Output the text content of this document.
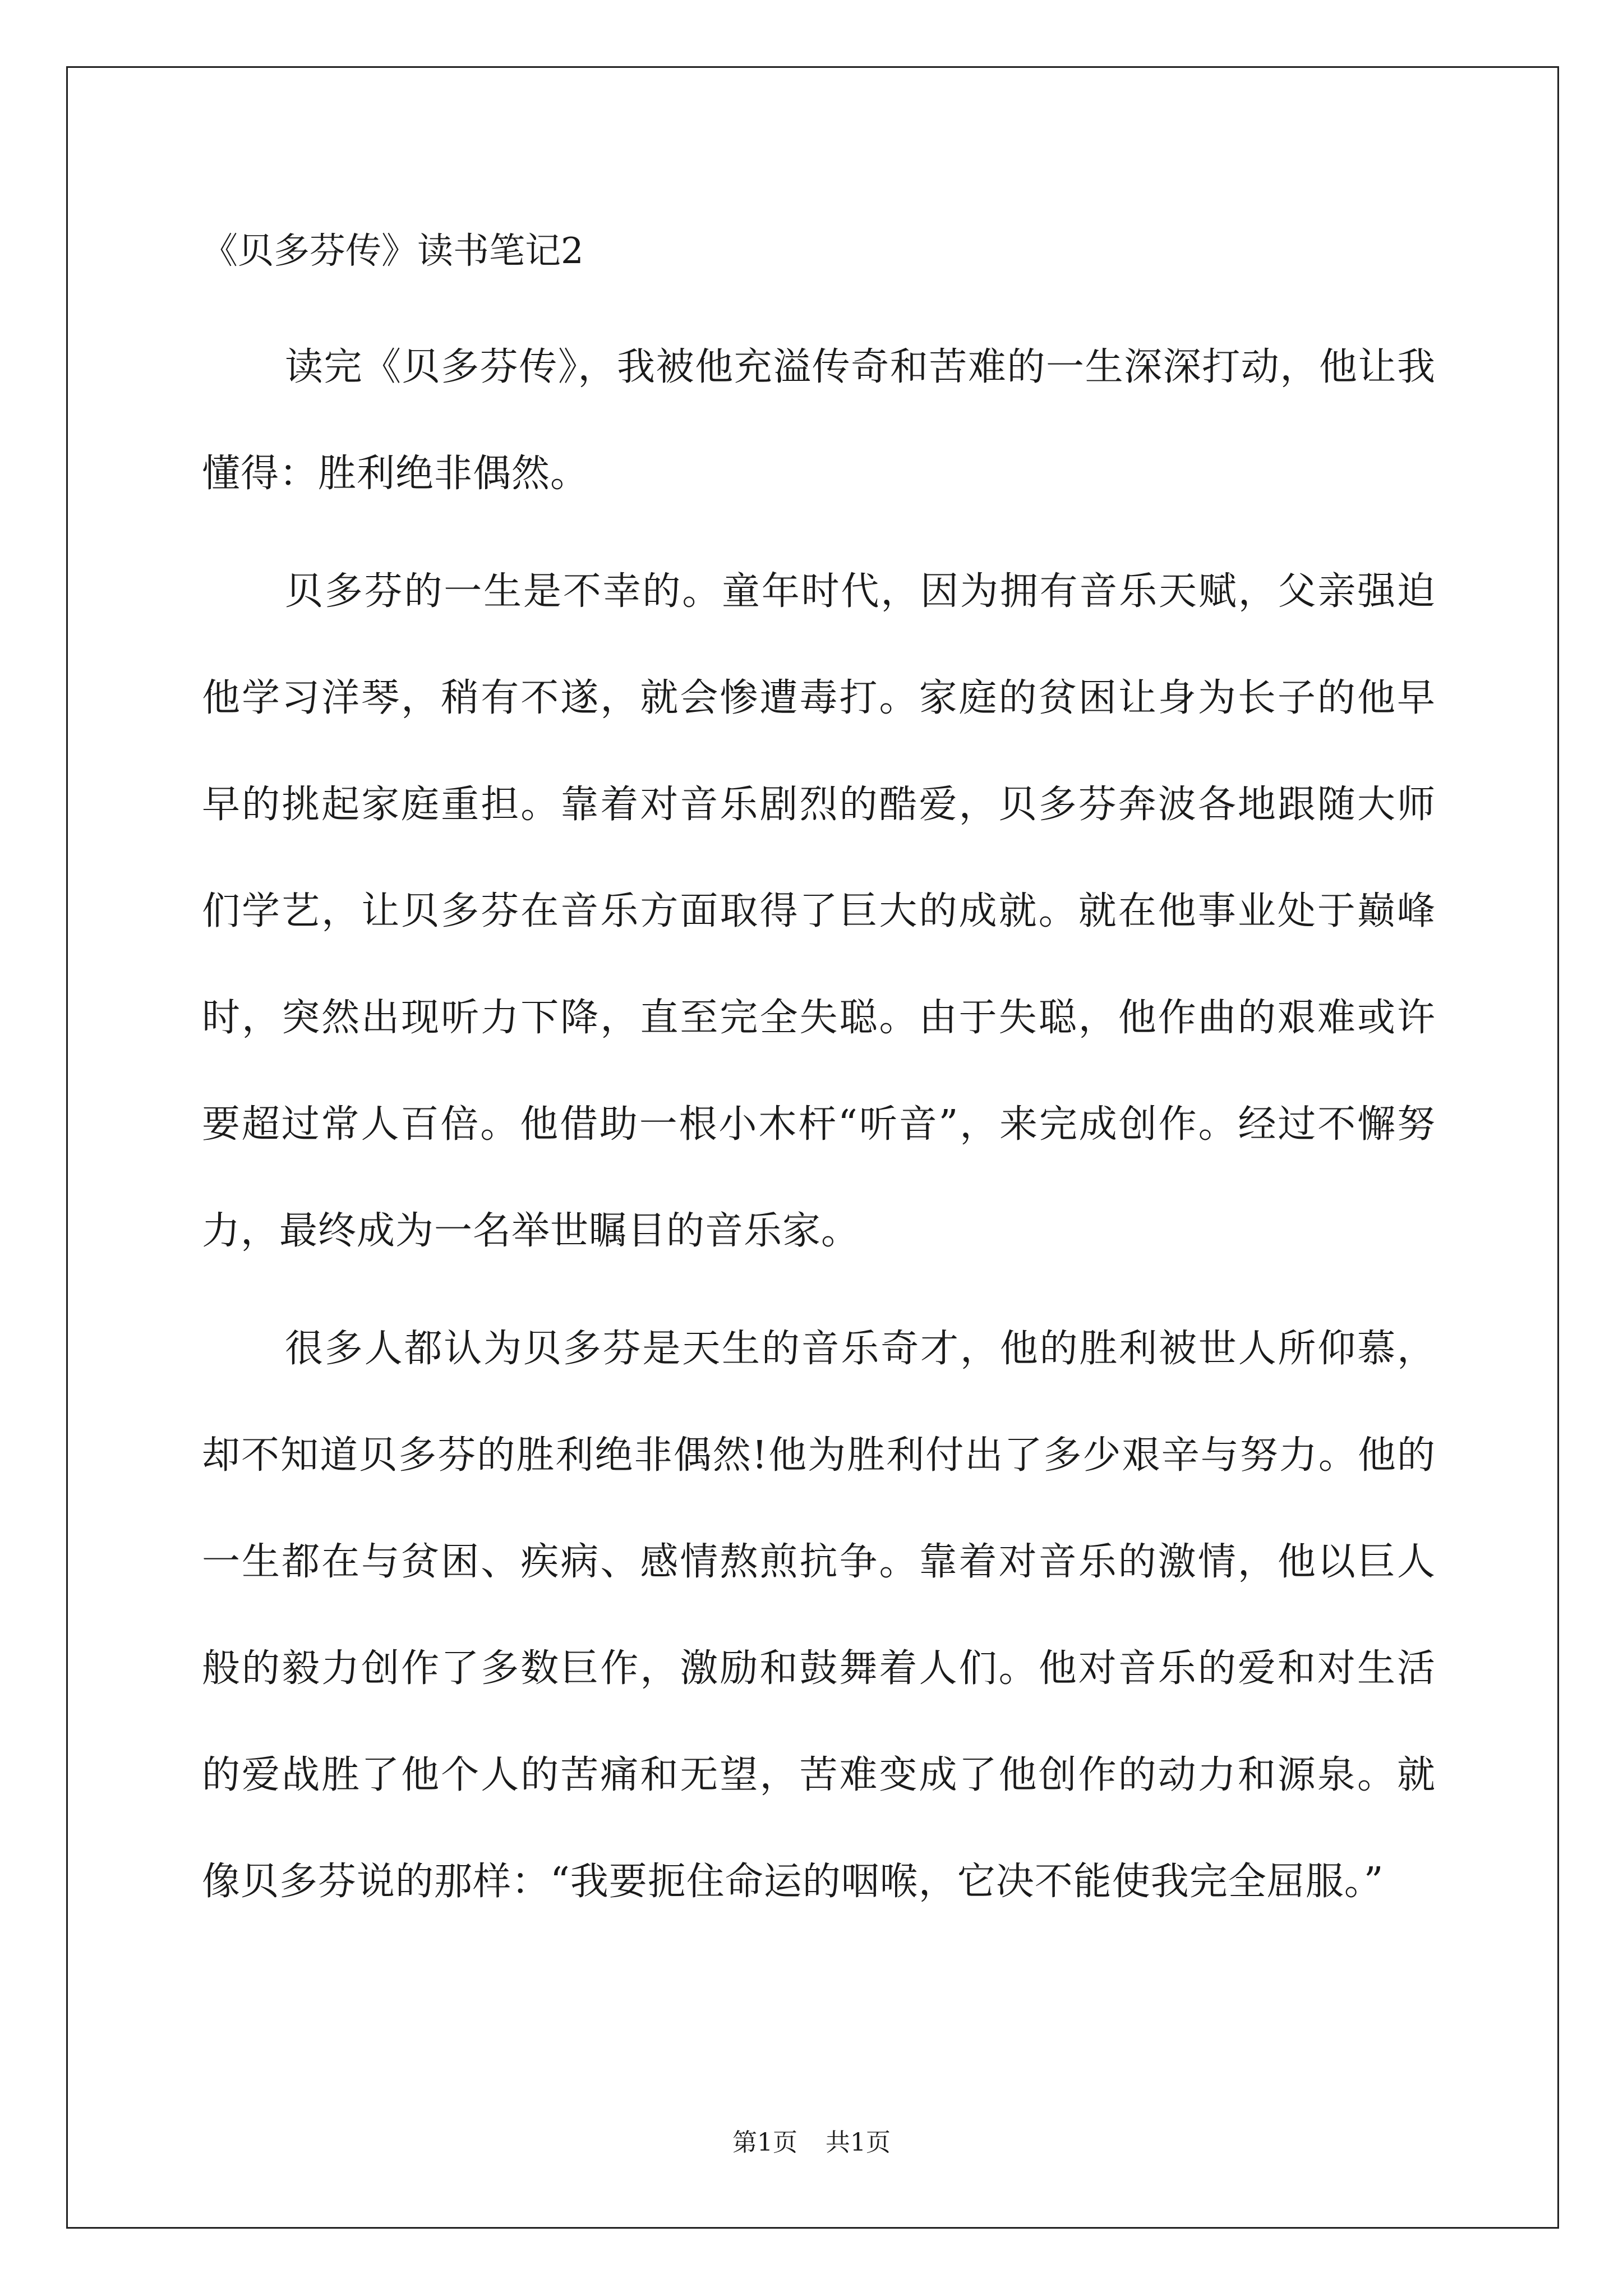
《贝多芬传》读书笔记2

读完《贝多芬传》，我被他充溢传奇和苦难的一生深深打动，他让我懂得：胜利绝非偶然。

贝多芬的一生是不幸的。童年时代，因为拥有音乐天赋，父亲强迫他学习洋琴，稍有不遂，就会惨遭毒打。家庭的贫困让身为长子的他早早的挑起家庭重担。靠着对音乐剧烈的酷爱，贝多芬奔波各地跟随大师们学艺，让贝多芬在音乐方面取得了巨大的成就。就在他事业处于巅峰时，突然出现听力下降，直至完全失聪。由于失聪，他作曲的艰难或许要超过常人百倍。他借助一根小木杆“听音”，来完成创作。经过不懈努力，最终成为一名举世瞩目的音乐家。

很多人都认为贝多芬是天生的音乐奇才，他的胜利被世人所仰慕，却不知道贝多芬的胜利绝非偶然!他为胜利付出了多少艰辛与努力。他的一生都在与贫困、疾病、感情熬煎抗争。靠着对音乐的激情，他以巨人般的毅力创作了多数巨作，激励和鼓舞着人们。他对音乐的爱和对生活的爱战胜了他个人的苦痛和无望，苦难变成了他创作的动力和源泉。就像贝多芬说的那样：“我要扼住命运的咽喉，它决不能使我完全屈服。”

第1页 共1页
